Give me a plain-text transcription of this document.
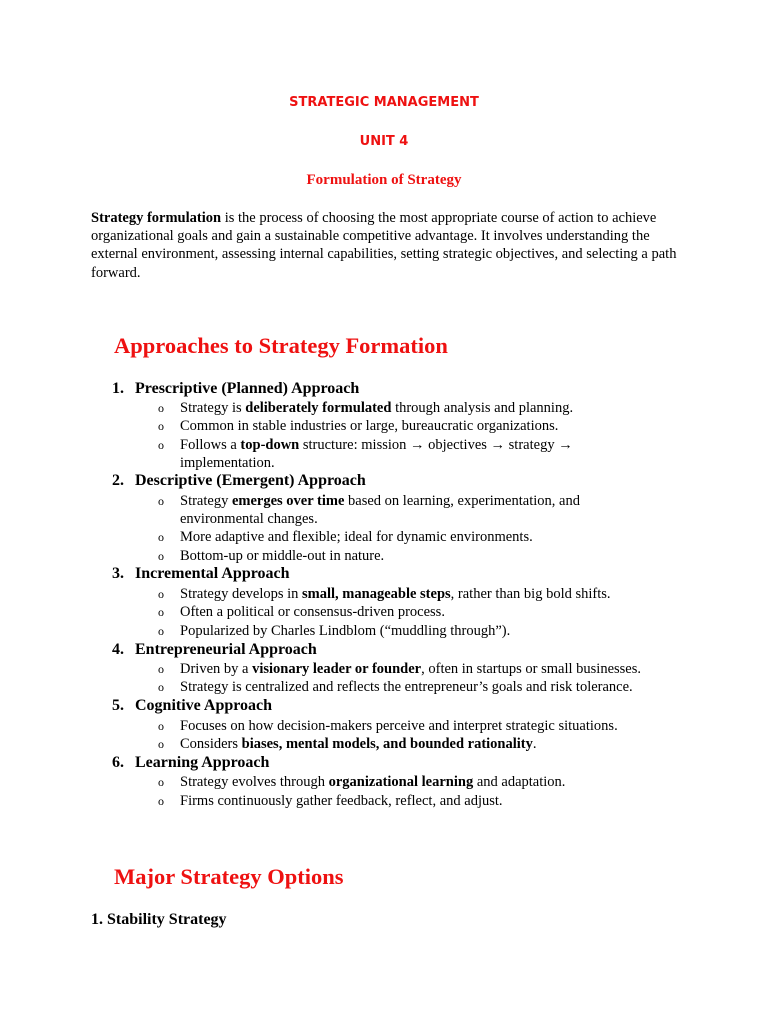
STRATEGIC MANAGEMENT
UNIT 4
Formulation of Strategy
Strategy formulation is the process of choosing the most appropriate course of action to achieve organizational goals and gain a sustainable competitive advantage. It involves understanding the external environment, assessing internal capabilities, setting strategic objectives, and selecting a path forward.
Approaches to Strategy Formation
1. Prescriptive (Planned) Approach
o Strategy is deliberately formulated through analysis and planning.
o Common in stable industries or large, bureaucratic organizations.
o Follows a top-down structure: mission → objectives → strategy → implementation.
2. Descriptive (Emergent) Approach
o Strategy emerges over time based on learning, experimentation, and environmental changes.
o More adaptive and flexible; ideal for dynamic environments.
o Bottom-up or middle-out in nature.
3. Incremental Approach
o Strategy develops in small, manageable steps, rather than big bold shifts.
o Often a political or consensus-driven process.
o Popularized by Charles Lindblom (“muddling through”).
4. Entrepreneurial Approach
o Driven by a visionary leader or founder, often in startups or small businesses.
o Strategy is centralized and reflects the entrepreneur’s goals and risk tolerance.
5. Cognitive Approach
o Focuses on how decision-makers perceive and interpret strategic situations.
o Considers biases, mental models, and bounded rationality.
6. Learning Approach
o Strategy evolves through organizational learning and adaptation.
o Firms continuously gather feedback, reflect, and adjust.
Major Strategy Options
1. Stability Strategy
